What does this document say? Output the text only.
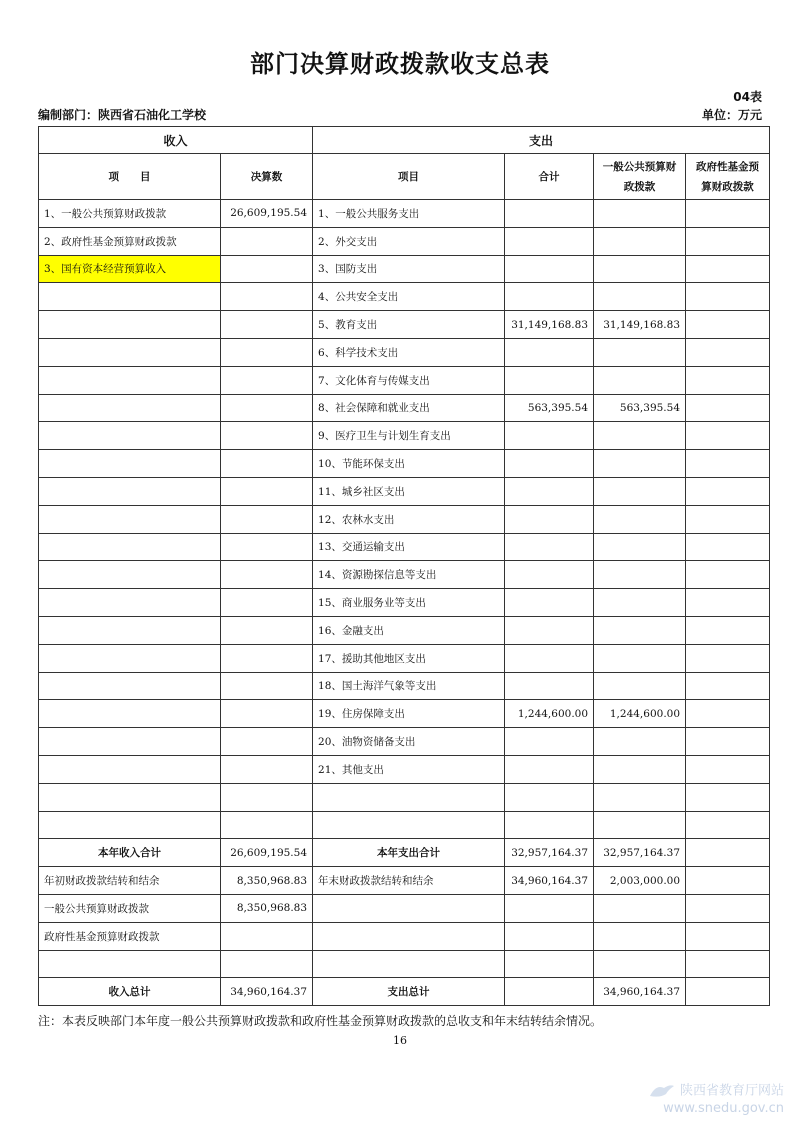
部门决算财政拨款收支总表
04表
编制部门：陕西省石油化工学校	单位：万元
收入		支出			
项　　目	决算数	项目	合计	一般公共预算财政拨款	政府性基金预算财政拨款
1、一般公共预算财政拨款	26,609,195.54	1、一般公共服务支出			
2、政府性基金预算财政拨款		2、外交支出			
3、国有资本经营预算收入		3、国防支出			
		4、公共安全支出			
		5、教育支出	31,149,168.83	31,149,168.83	
		6、科学技术支出			
		7、文化体育与传媒支出			
		8、社会保障和就业支出	563,395.54	563,395.54	
		9、医疗卫生与计划生育支出			
		10、节能环保支出			
		11、城乡社区支出			
		12、农林水支出			
		13、交通运输支出			
		14、资源勘探信息等支出			
		15、商业服务业等支出			
		16、金融支出			
		17、援助其他地区支出			
		18、国土海洋气象等支出			
		19、住房保障支出	1,244,600.00	1,244,600.00	
		20、油物资储备支出			
		21、其他支出			

本年收入合计	26,609,195.54	本年支出合计	32,957,164.37	32,957,164.37	
年初财政拨款结转和结余	8,350,968.83	年末财政拨款结转和结余	34,960,164.37	2,003,000.00	
一般公共预算财政拨款	8,350,968.83				
政府性基金预算财政拨款					

收入总计	34,960,164.37	支出总计		34,960,164.37	
注：本表反映部门本年度一般公共预算财政拨款和政府性基金预算财政拨款的总收支和年末结转结余情况。
16
陕西省教育厅网站
www.snedu.gov.cn
